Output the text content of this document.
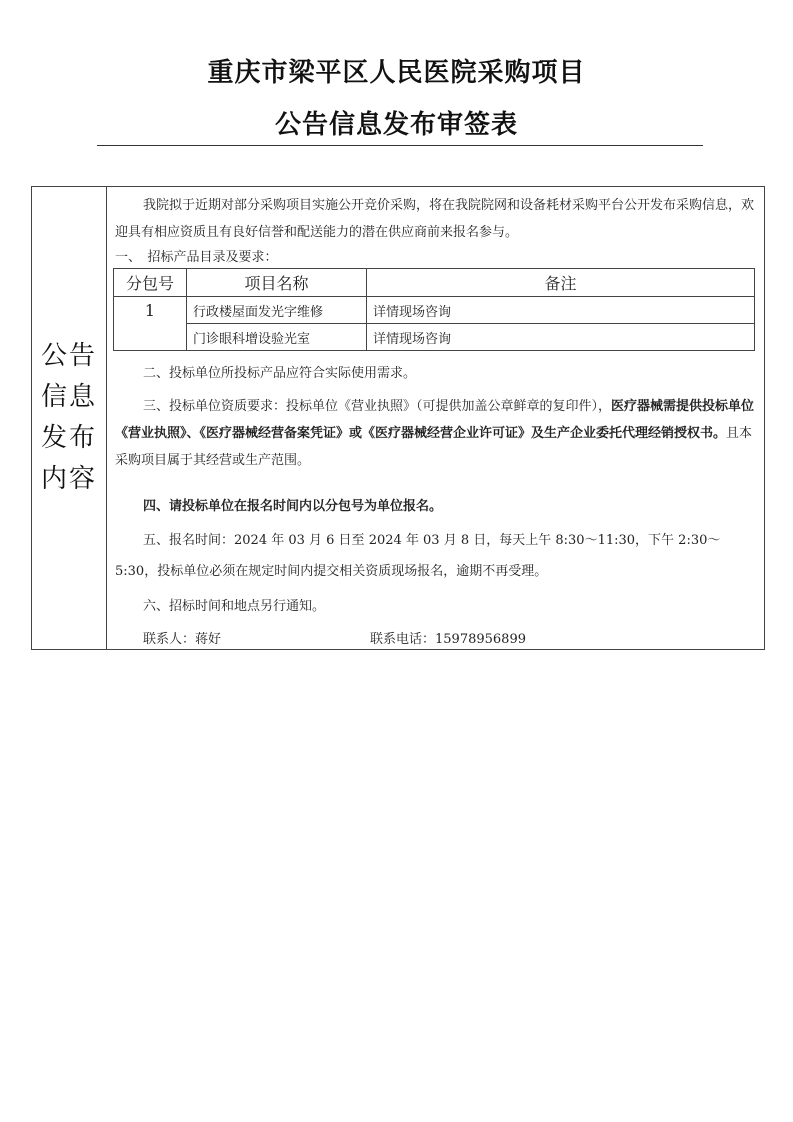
重庆市梁平区人民医院采购项目
公告信息发布审签表
公告信息发布内容

我院拟于近期对部分采购项目实施公开竞价采购，将在我院院网和设备耗材采购平台公开发布采购信息，欢迎具有相应资质且有良好信誉和配送能力的潜在供应商前来报名参与。

一、　招标产品目录及要求：

分包号	项目名称	备注
1	行政楼屋面发光字维修	详情现场咨询
	门诊眼科增设验光室	详情现场咨询

二、投标单位所投标产品应符合实际使用需求。

三、投标单位资质要求：投标单位《营业执照》（可提供加盖公章鲜章的复印件），医疗器械需提供投标单位《营业执照》、《医疗器械经营备案凭证》或《医疗器械经营企业许可证》及生产企业委托代理经销授权书。且本采购项目属于其经营或生产范围。

四、请投标单位在报名时间内以分包号为单位报名。

五、报名时间：2024 年 03 月 6 日至 2024 年 03 月 8 日，每天上午 8:30～11:30，下午 2:30～5:30，投标单位必须在规定时间内提交相关资质现场报名，逾期不再受理。

六、招标时间和地点另行通知。

联系人：蒋好	联系电话：15978956899
